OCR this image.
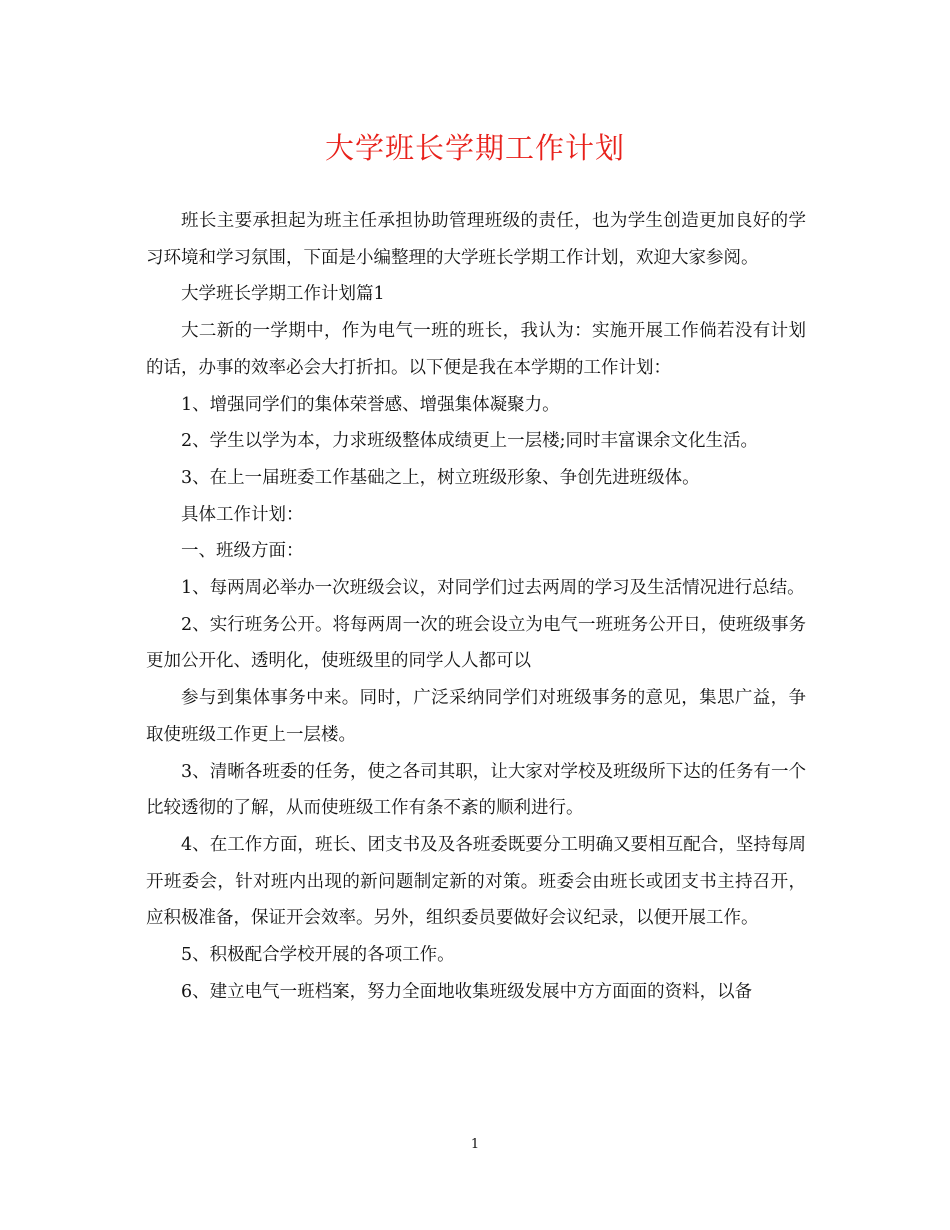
大学班长学期工作计划

班长主要承担起为班主任承担协助管理班级的责任，也为学生创造更加良好的学习环境和学习氛围，下面是小编整理的大学班长学期工作计划，欢迎大家参阅。

大学班长学期工作计划篇1

大二新的一学期中，作为电气一班的班长，我认为：实施开展工作倘若没有计划的话，办事的效率必会大打折扣。以下便是我在本学期的工作计划：

1、增强同学们的集体荣誉感、增强集体凝聚力。

2、学生以学为本，力求班级整体成绩更上一层楼;同时丰富课余文化生活。

3、在上一届班委工作基础之上，树立班级形象、争创先进班级体。

具体工作计划：

一、班级方面：

1、每两周必举办一次班级会议，对同学们过去两周的学习及生活情况进行总结。

2、实行班务公开。将每两周一次的班会设立为电气一班班务公开日，使班级事务更加公开化、透明化，使班级里的同学人人都可以

参与到集体事务中来。同时，广泛采纳同学们对班级事务的意见，集思广益，争取使班级工作更上一层楼。

3、清晰各班委的任务，使之各司其职，让大家对学校及班级所下达的任务有一个比较透彻的了解，从而使班级工作有条不紊的顺利进行。

4、在工作方面，班长、团支书及及各班委既要分工明确又要相互配合，坚持每周开班委会，针对班内出现的新问题制定新的对策。班委会由班长或团支书主持召开，应积极准备，保证开会效率。另外，组织委员要做好会议纪录，以便开展工作。

5、积极配合学校开展的各项工作。

6、建立电气一班档案，努力全面地收集班级发展中方方面面的资料，以备

1
